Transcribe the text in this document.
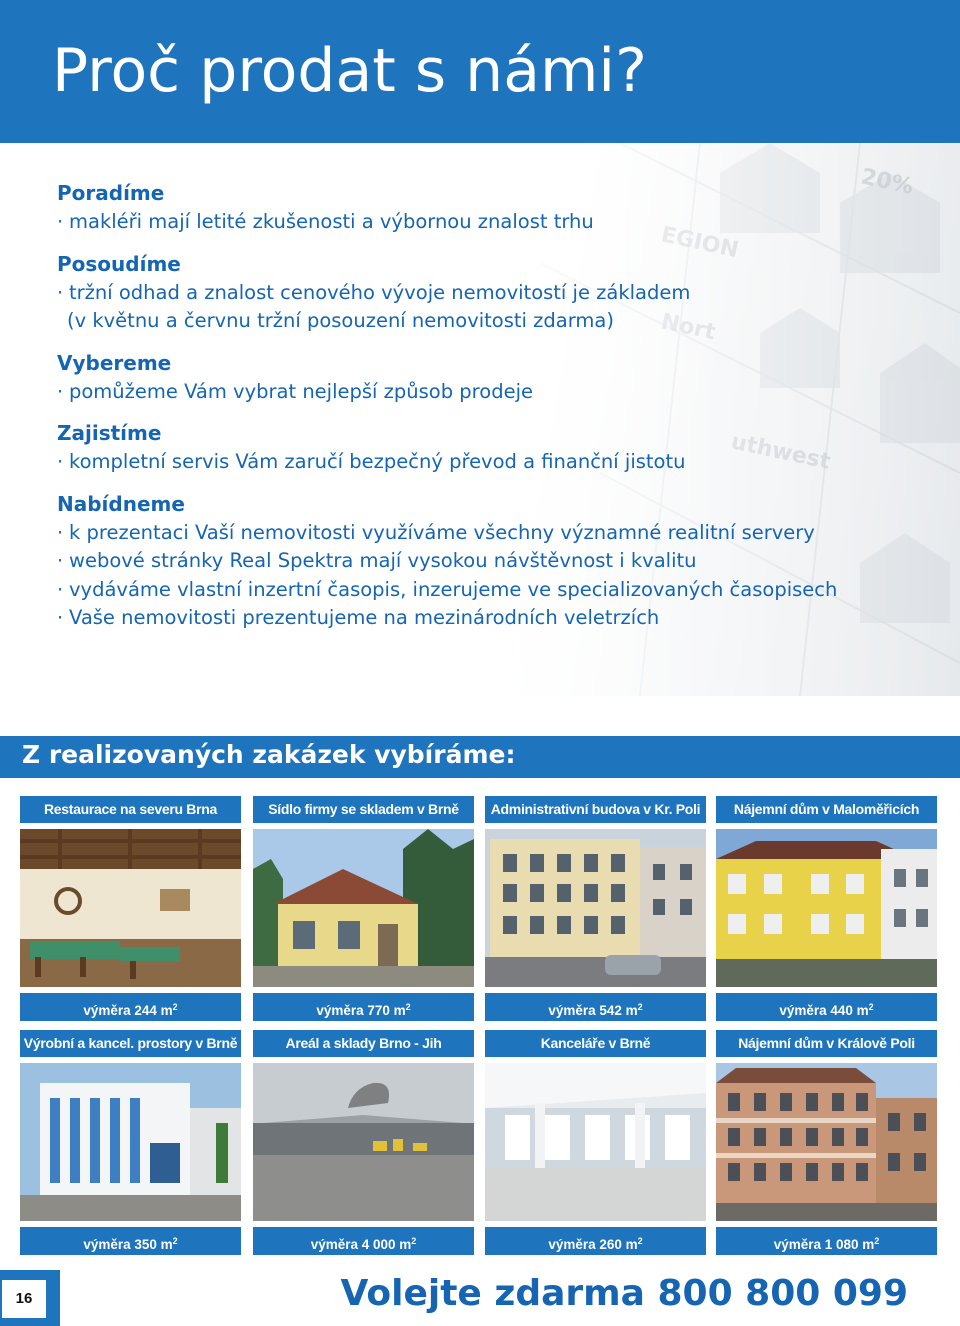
Proč prodat s námi?
Poradíme
· makléři mají letité zkušenosti a výbornou znalost trhu
Posoudíme
· tržní odhad a znalost cenového vývoje nemovitostí je základem
(v květnu a červnu tržní posouzení nemovitosti zdarma)
Vybereme
· pomůžeme Vám vybrat nejlepší způsob prodeje
Zajistíme
· kompletní servis Vám zaručí bezpečný převod a finanční jistotu
Nabídneme
· k prezentaci Vaší nemovitosti využíváme všechny významné realitní servery
· webové stránky Real Spektra mají vysokou návštěvnost i kvalitu
· vydáváme vlastní inzertní časopis, inzerujeme ve specializovaných časopisech
· Vaše nemovitosti prezentujeme na mezinárodních veletrzích
Z realizovaných zakázek vybíráme:
Restaurace na severu Brna
výměra 244 $m^2$
Sídlo firmy se skladem v Brně
výměra 770 $m^2$
Administrativní budova v Kr. Poli
výměra 542 $m^2$
Nájemní dům v Maloměřicích
výměra 440 $m^2$
Výrobní a kancel. prostory v Brně
výměra 350 $m^2$
Areál a sklady Brno - Jih
výměra 4 000 $m^2$
Kanceláře v Brně
výměra 260 $m^2$
Nájemní dům v Králově Poli
výměra 1 080 $m^2$
16	Volejte zdarma 800 800 099
